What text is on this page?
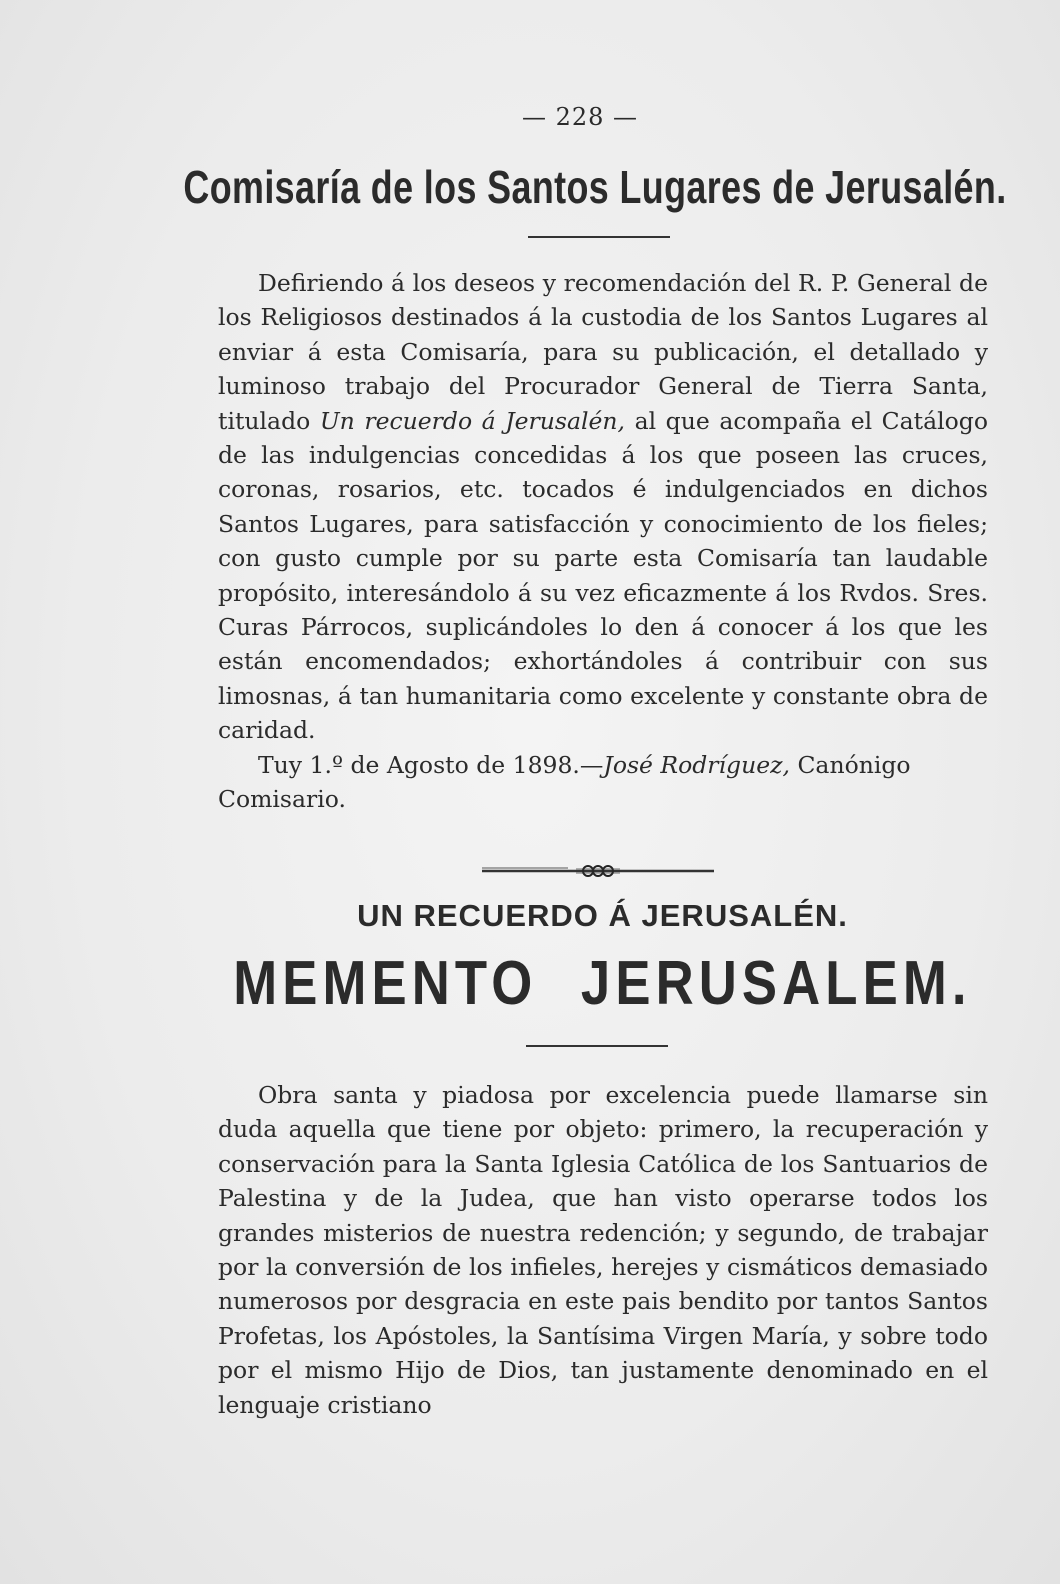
— 228 —
Comisaría de los Santos Lugares de Jerusalén.

Defiriendo á los deseos y recomendación del R. P. General de los Religiosos destinados á la custodia de los Santos Lugares al enviar á esta Comisaría, para su publicación, el detallado y luminoso trabajo del Procurador General de Tierra Santa, titulado Un recuerdo á Jerusalén, al que acompaña el Catálogo de las indulgencias concedidas á los que poseen las cruces, coronas, rosarios, etc. tocados é indulgenciados en dichos Santos Lugares, para satisfacción y conocimiento de los fieles; con gusto cumple por su parte esta Comisaría tan laudable propósito, interesándolo á su vez eficazmente á los Rvdos. Sres. Curas Párrocos, suplicándoles lo den á conocer á los que les están encomendados; exhortándoles á contribuir con sus limosnas, á tan humanitaria como excelente y constante obra de caridad.

Tuy 1.º de Agosto de 1898.—José Rodríguez, Canónigo Comisario.

UN RECUERDO Á JERUSALÉN.
MEMENTO JERUSALEM.

Obra santa y piadosa por excelencia puede llamarse sin duda aquella que tiene por objeto: primero, la recuperación y conservación para la Santa Iglesia Católica de los Santuarios de Palestina y de la Judea, que han visto operarse todos los grandes misterios de nuestra redención; y segundo, de trabajar por la conversión de los infieles, herejes y cismáticos demasiado numerosos por desgracia en este pais bendito por tantos Santos Profetas, los Apóstoles, la Santísima Virgen María, y sobre todo por el mismo Hijo de Dios, tan justamente denominado en el lenguaje cristiano
